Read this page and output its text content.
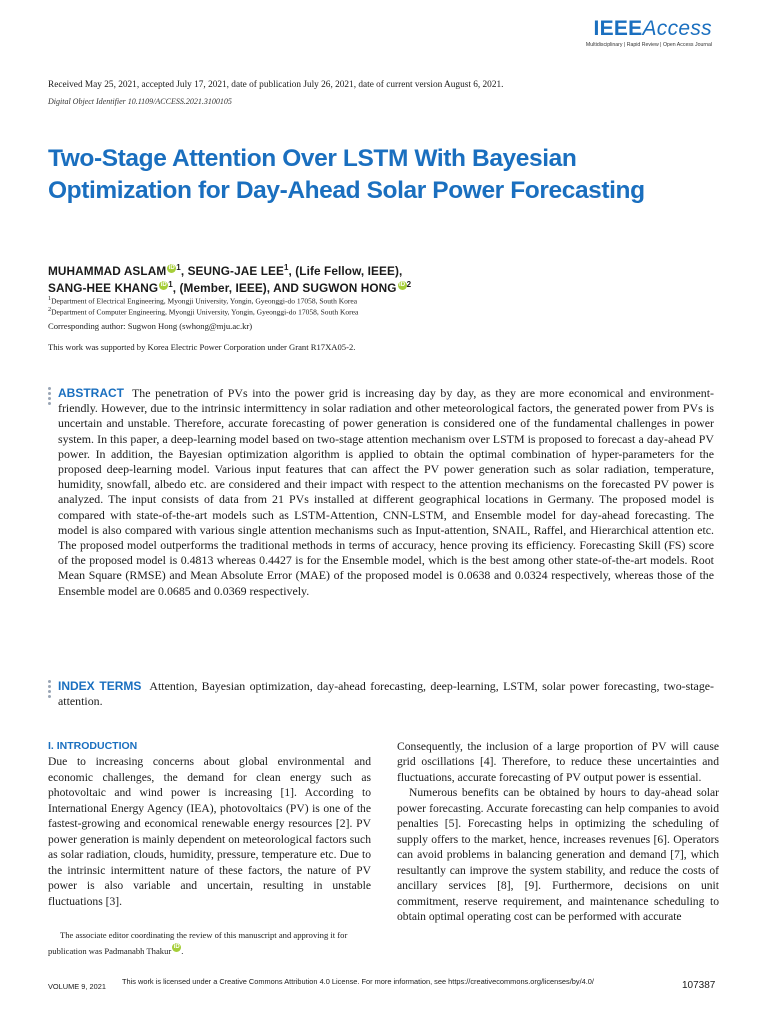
IEEEAccess
Multidisciplinary | Rapid Review | Open Access Journal
Received May 25, 2021, accepted July 17, 2021, date of publication July 26, 2021, date of current version August 6, 2021.
Digital Object Identifier 10.1109/ACCESS.2021.3100105
Two-Stage Attention Over LSTM With Bayesian Optimization for Day-Ahead Solar Power Forecasting
MUHAMMAD ASLAM $iD^1$, SEUNG-JAE LEE$^1$, (Life Fellow, IEEE),
SANG-HEE KHANG $iD^1$, (Member, IEEE), AND SUGWON HONG $iD^2$
$^1$Department of Electrical Engineering, Myongji University, Yongin, Gyeonggi-do 17058, South Korea
$^2$Department of Computer Engineering, Myongji University, Yongin, Gyeonggi-do 17058, South Korea
Corresponding author: Sugwon Hong (swhong@mju.ac.kr)
This work was supported by Korea Electric Power Corporation under Grant R17XA05-2.
ABSTRACT The penetration of PVs into the power grid is increasing day by day, as they are more economical and environment-friendly. However, due to the intrinsic intermittency in solar radiation and other meteorological factors, the generated power from PVs is uncertain and unstable. Therefore, accurate forecasting of power generation is considered one of the fundamental challenges in power system. In this paper, a deep-learning model based on two-stage attention mechanism over LSTM is proposed to forecast a day-ahead PV power. In addition, the Bayesian optimization algorithm is applied to obtain the optimal combination of hyper-parameters for the proposed deep-learning model. Various input features that can affect the PV power generation such as solar radiation, temperature, humidity, snowfall, albedo etc. are considered and their impact with respect to the attention mechanisms on the forecasted PV power is analyzed. The input consists of data from 21 PVs installed at different geographical locations in Germany. The proposed model is compared with state-of-the-art models such as LSTM-Attention, CNN-LSTM, and Ensemble model for day-ahead forecasting. The model is also compared with various single attention mechanisms such as Input-attention, SNAIL, Raffel, and Hierarchical attention etc. The proposed model outperforms the traditional methods in terms of accuracy, hence proving its efficiency. Forecasting Skill (FS) score of the proposed model is 0.4813 whereas 0.4427 is for the Ensemble model, which is the best among other state-of-the-art models. Root Mean Square (RMSE) and Mean Absolute Error (MAE) of the proposed model is 0.0638 and 0.0324 respectively, whereas those of the Ensemble model are 0.0685 and 0.0369 respectively.
INDEX TERMS Attention, Bayesian optimization, day-ahead forecasting, deep-learning, LSTM, solar power forecasting, two-stage-attention.
I. INTRODUCTION

Due to increasing concerns about global environmental and economic challenges, the demand for clean energy such as photovoltaic and wind power is increasing [1]. According to International Energy Agency (IEA), photovoltaics (PV) is one of the fastest-growing and economical renewable energy resources [2]. PV power generation is mainly dependent on meteorological factors such as solar radiation, clouds, humidity, pressure, temperature etc. Due to the intrinsic intermittent nature of these factors, the nature of PV power is also variable and uncertain, resulting in unstable fluctuations [3].

The associate editor coordinating the review of this manuscript and approving it for publication was Padmanabh Thakur iD .

Consequently, the inclusion of a large proportion of PV will cause grid oscillations [4]. Therefore, to reduce these uncertainties and fluctuations, accurate forecasting of PV output power is essential.

Numerous benefits can be obtained by hours to day-ahead solar power forecasting. Accurate forecasting can help companies to avoid penalties [5]. Forecasting helps in optimizing the scheduling of supply offers to the market, hence, increases revenues [6]. Operators can avoid problems in balancing generation and demand [7], which resultantly can improve the system stability, and reduce the costs of ancillary services [8], [9]. Furthermore, decisions on unit commitment, reserve requirement, and maintenance scheduling to obtain optimal operating cost can be performed with accurate

VOLUME 9, 2021
This work is licensed under a Creative Commons Attribution 4.0 License. For more information, see https://creativecommons.org/licenses/by/4.0/	107387
